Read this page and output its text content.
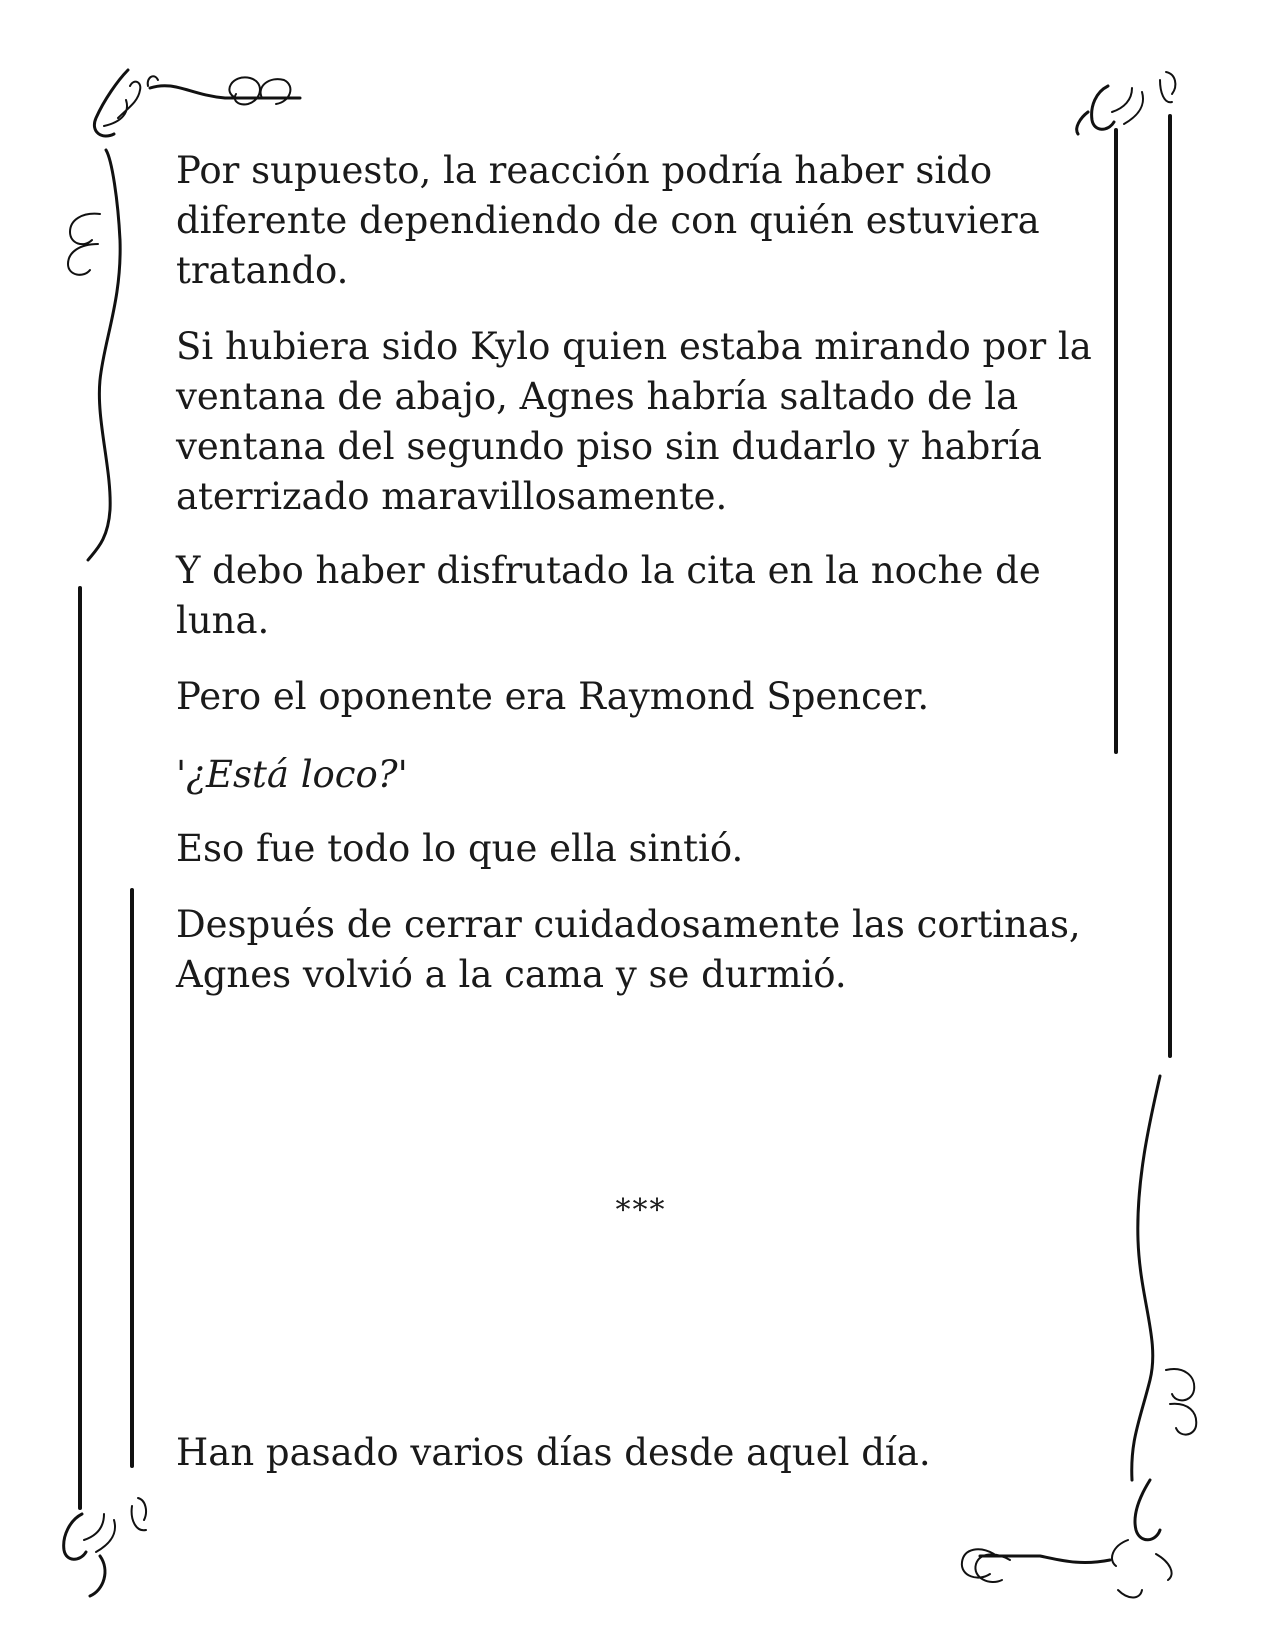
Por supuesto, la reacción podría haber sido diferente dependiendo de con quién estuviera tratando.

Si hubiera sido Kylo quien estaba mirando por la ventana de abajo, Agnes habría saltado de la ventana del segundo piso sin dudarlo y habría aterrizado maravillosamente.

Y debo haber disfrutado la cita en la noche de luna.

Pero el oponente era Raymond Spencer.

'¿Está loco?'

Eso fue todo lo que ella sintió.

Después de cerrar cuidadosamente las cortinas, Agnes volvió a la cama y se durmió.

***

Han pasado varios días desde aquel día.
